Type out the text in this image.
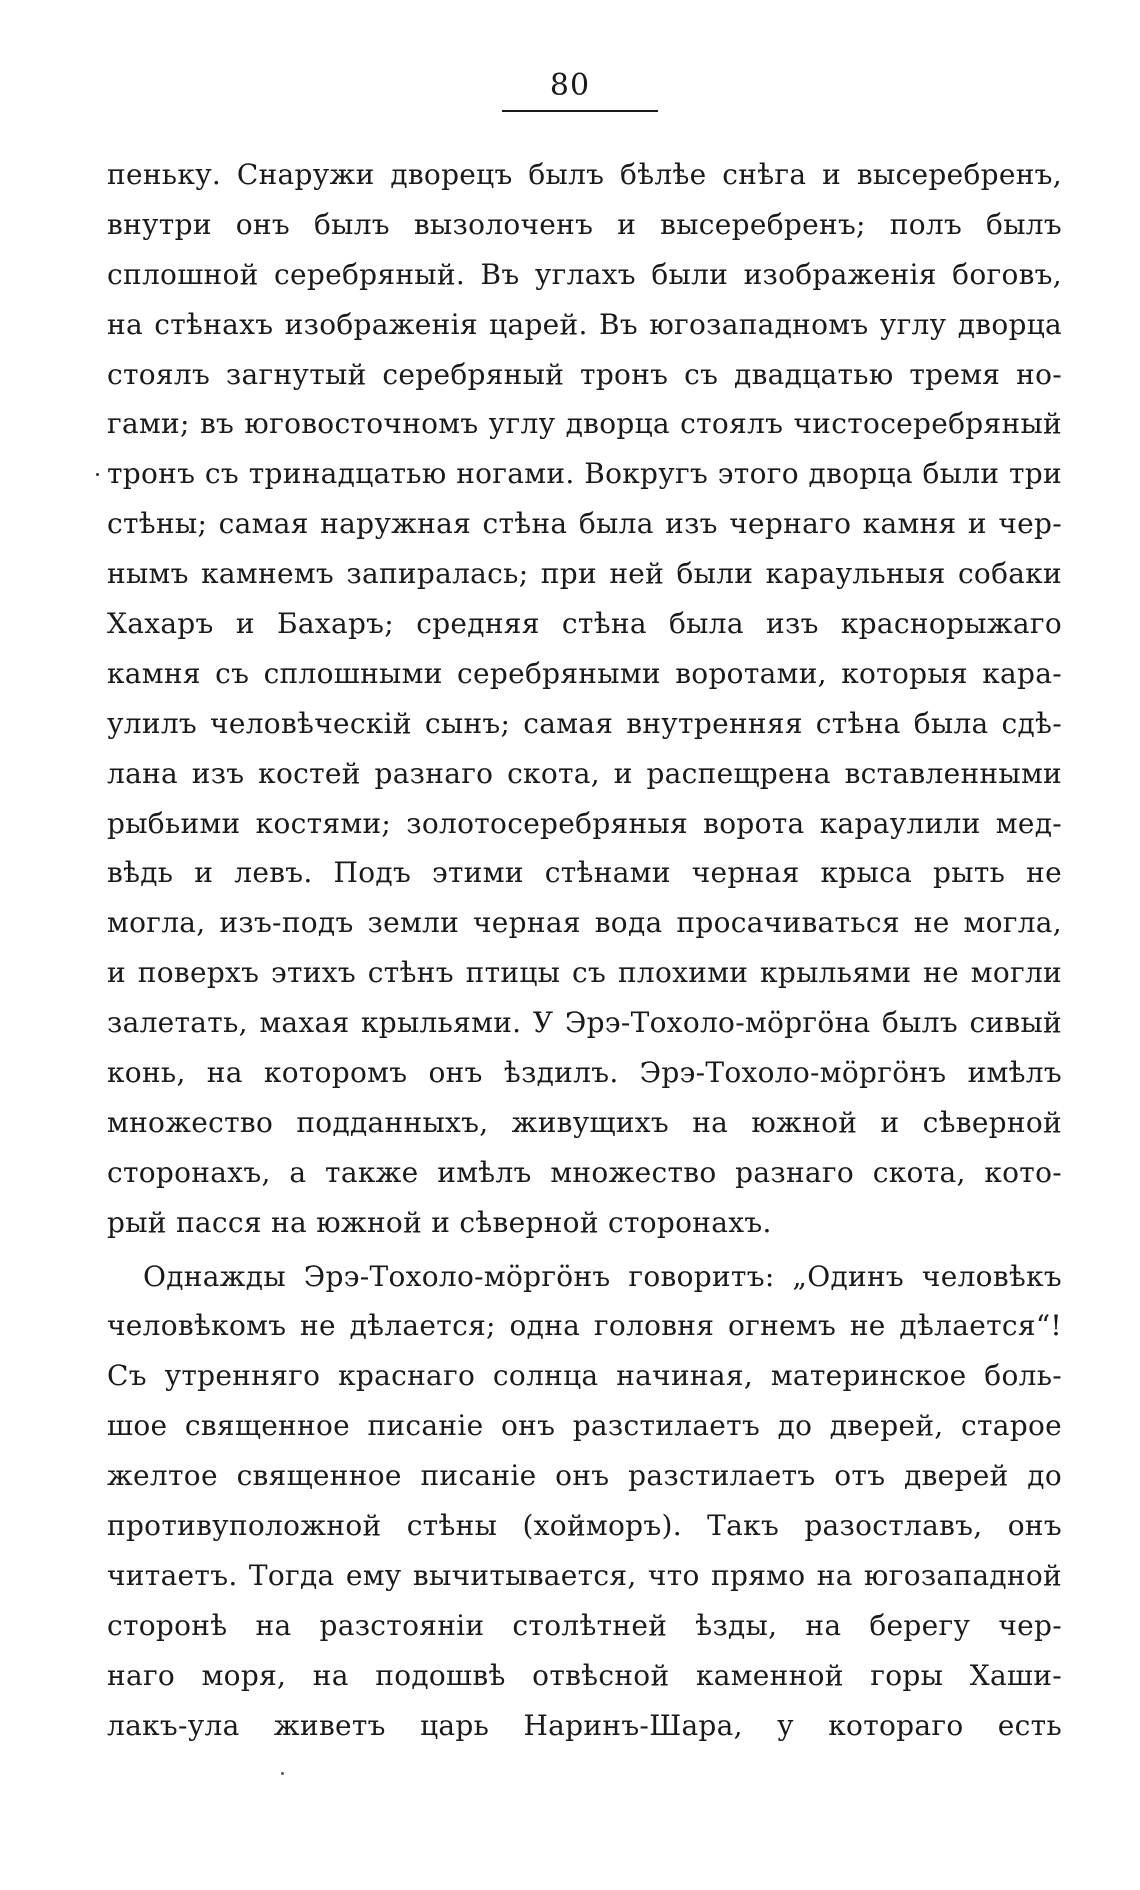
80
пеньку. Снаружи дворецъ былъ бѣлѣе снѣга и высеребренъ,
внутри онъ былъ вызолоченъ и высеребренъ; полъ былъ
сплошной серебряный. Въ углахъ были изображенія боговъ,
на стѣнахъ изображенія царей. Въ югозападномъ углу дворца
стоялъ загнутый серебряный тронъ съ двадцатью тремя но-
гами; въ юговосточномъ углу дворца стоялъ чистосеребряный
тронъ съ тринадцатью ногами. Вокругъ этого дворца были три
стѣны; самая наружная стѣна была изъ чернаго камня и чер-
нымъ камнемъ запиралась; при ней были караульныя собаки
Хахаръ и Бахаръ; средняя стѣна была изъ краснорыжаго
камня съ сплошными серебряными воротами, которыя кара-
улилъ человѣческій сынъ; самая внутренняя стѣна была сдѣ-
лана изъ костей разнаго скота, и распещрена вставленными
рыбьими костями; золотосеребряныя ворота караулили мед-
вѣдь и левъ. Подъ этими стѣнами черная крыса рыть не
могла, изъ-подъ земли черная вода просачиваться не могла,
и поверхъ этихъ стѣнъ птицы съ плохими крыльями не могли
залетать, махая крыльями. У Эрэ-Тохоло-мöргöна былъ сивый
конь, на которомъ онъ ѣздилъ. Эрэ-Тохоло-мöргöнъ имѣлъ
множество подданныхъ, живущихъ на южной и сѣверной
сторонахъ, а также имѣлъ множество разнаго скота, кото-
рый пасся на южной и сѣверной сторонахъ.
Однажды Эрэ-Тохоло-мöргöнъ говоритъ: „Одинъ человѣкъ
человѣкомъ не дѣлается; одна головня огнемъ не дѣлается“!
Съ утренняго краснаго солнца начиная, материнское боль-
шое священное писаніе онъ разстилаетъ до дверей, старое
желтое священное писаніе онъ разстилаетъ отъ дверей до
противуположной стѣны (хойморъ). Такъ разостлавъ, онъ
читаетъ. Тогда ему вычитывается, что прямо на югозападной
сторонѣ на разстояніи столѣтней ѣзды, на берегу чер-
наго моря, на подошвѣ отвѣсной каменной горы Хаши-
лакъ-ула живетъ царь Наринъ-Шара, у котораго есть
